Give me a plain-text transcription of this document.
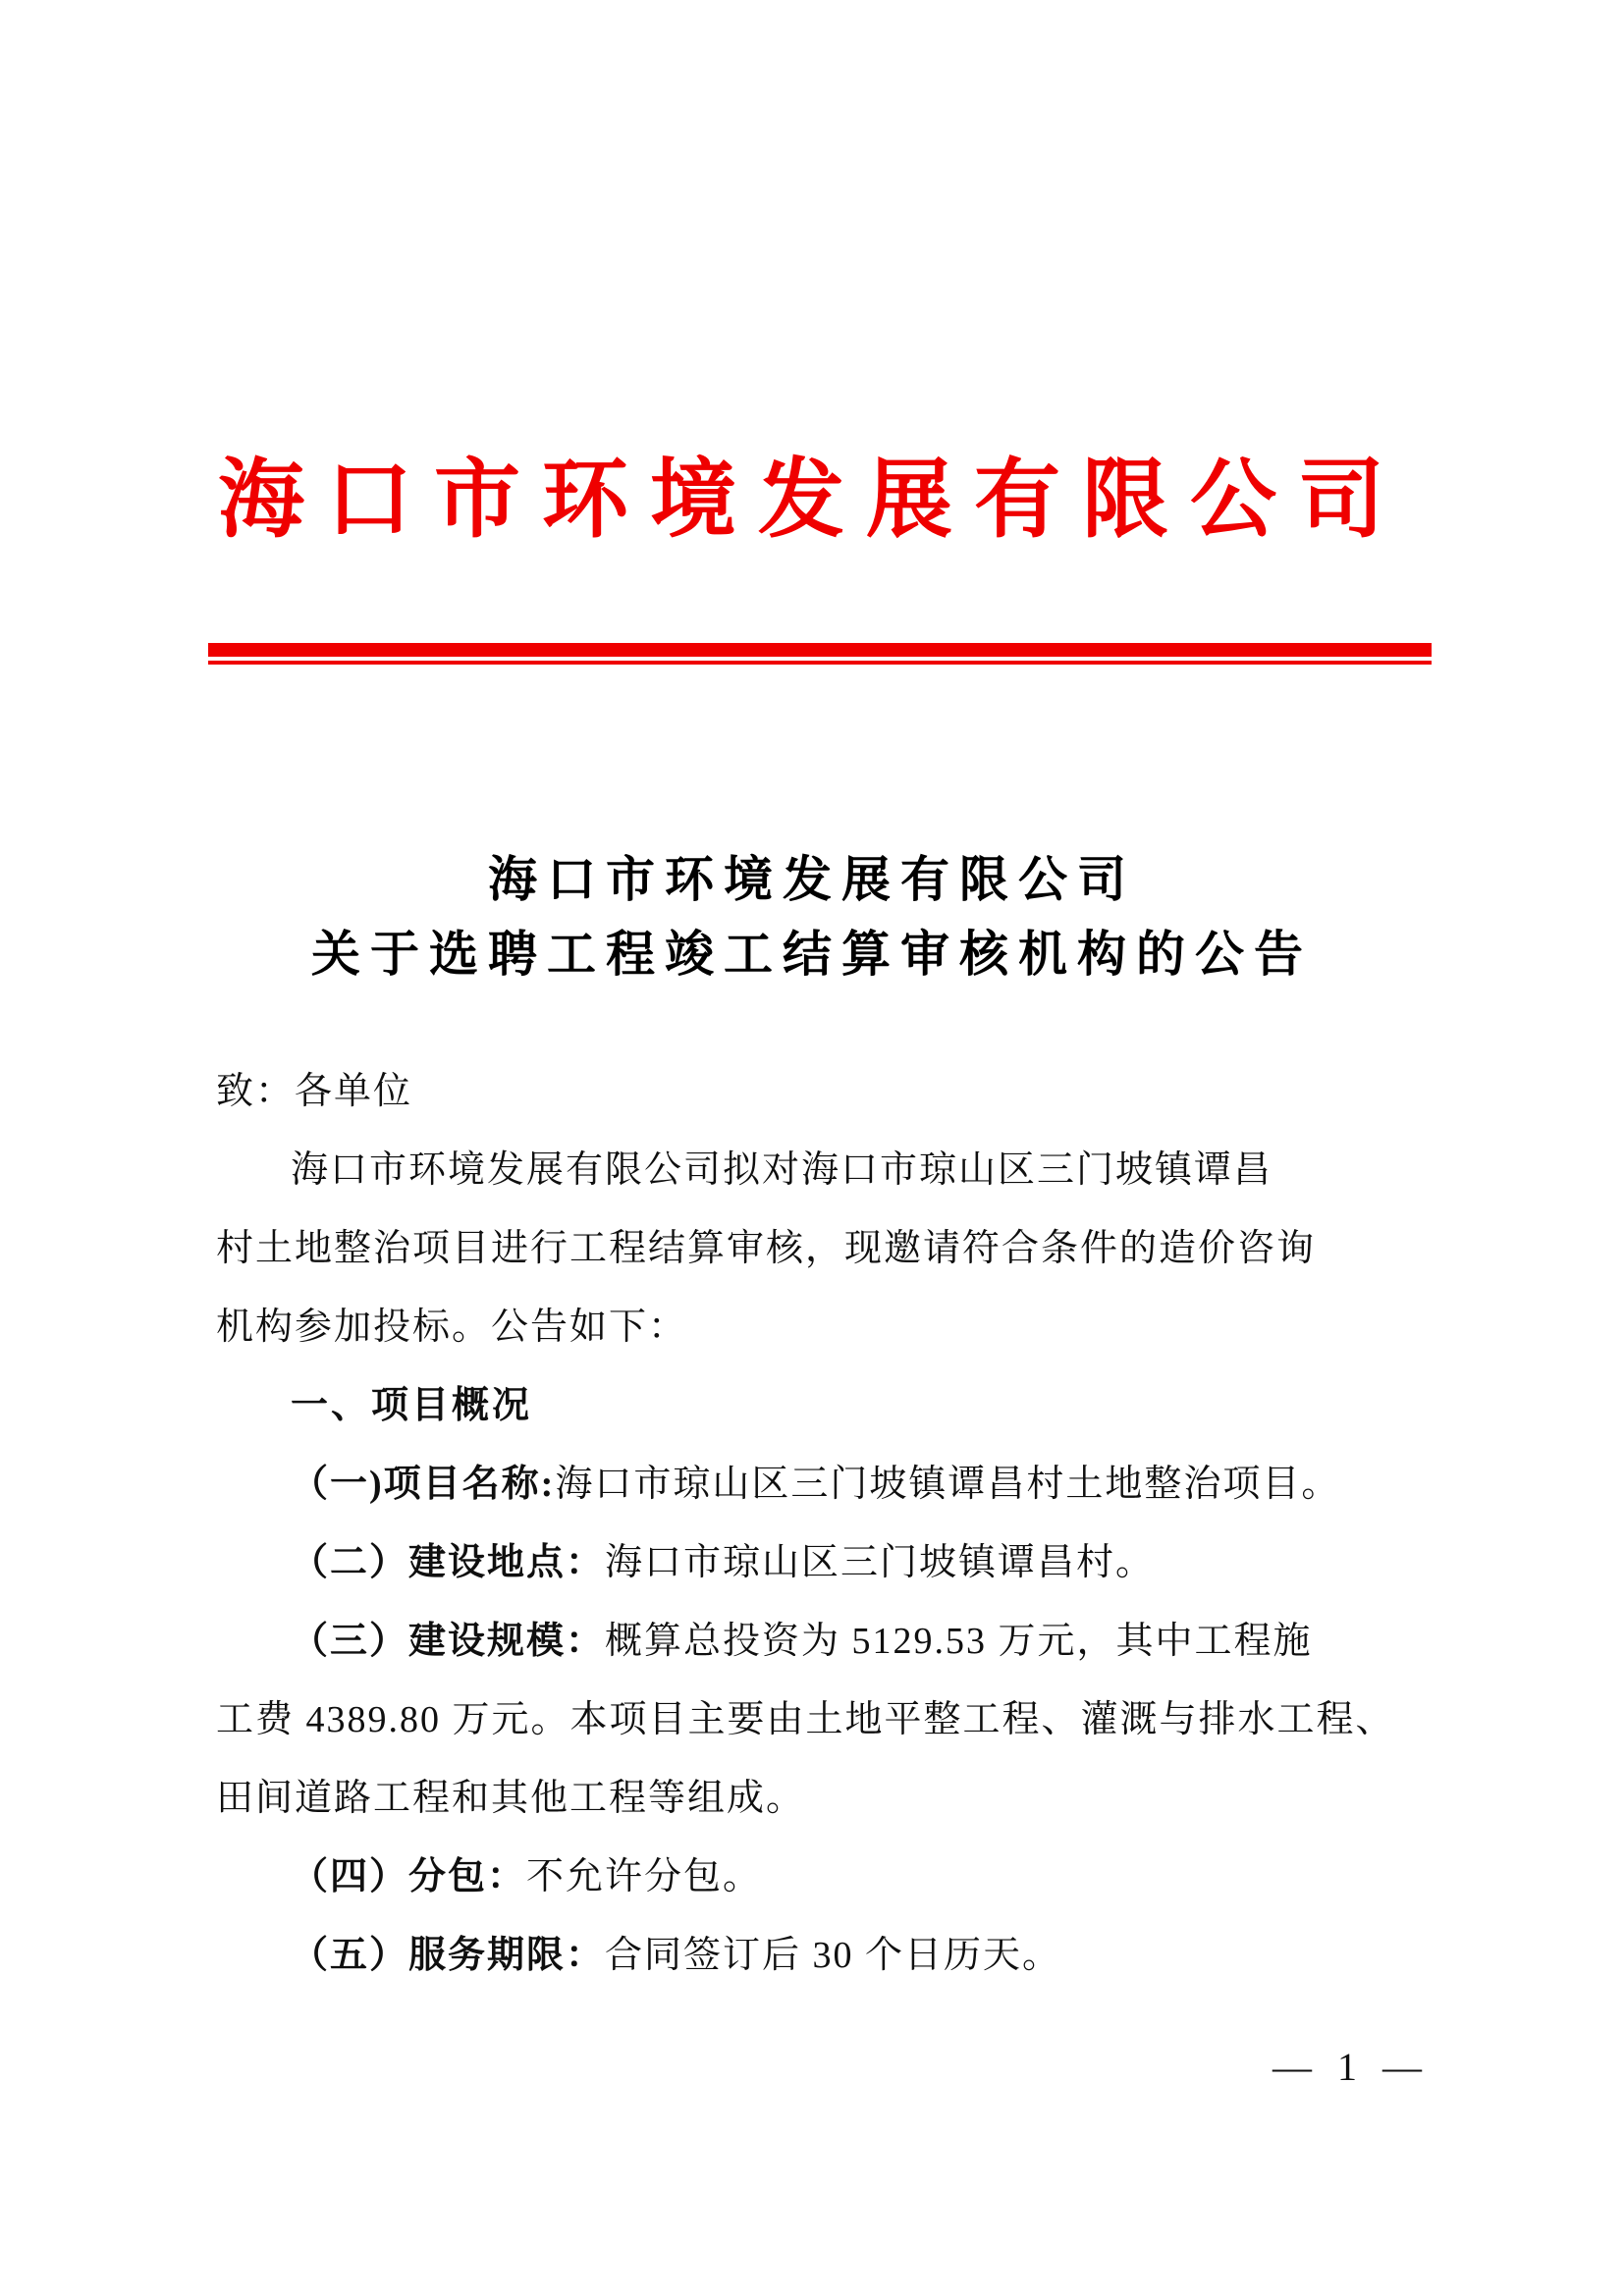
海口市环境发展有限公司
海口市环境发展有限公司
关于选聘工程竣工结算审核机构的公告
致：各单位
海口市环境发展有限公司拟对海口市琼山区三门坡镇谭昌
村土地整治项目进行工程结算审核，现邀请符合条件的造价咨询
机构参加投标。公告如下：
一、项目概况
（一)项目名称:海口市琼山区三门坡镇谭昌村土地整治项目。
（二）建设地点：海口市琼山区三门坡镇谭昌村。
（三）建设规模：概算总投资为 5129.53 万元，其中工程施
工费 4389.80 万元。本项目主要由土地平整工程、灌溉与排水工程、
田间道路工程和其他工程等组成。
（四）分包：不允许分包。
（五）服务期限：合同签订后 30 个日历天。
— 1 —
